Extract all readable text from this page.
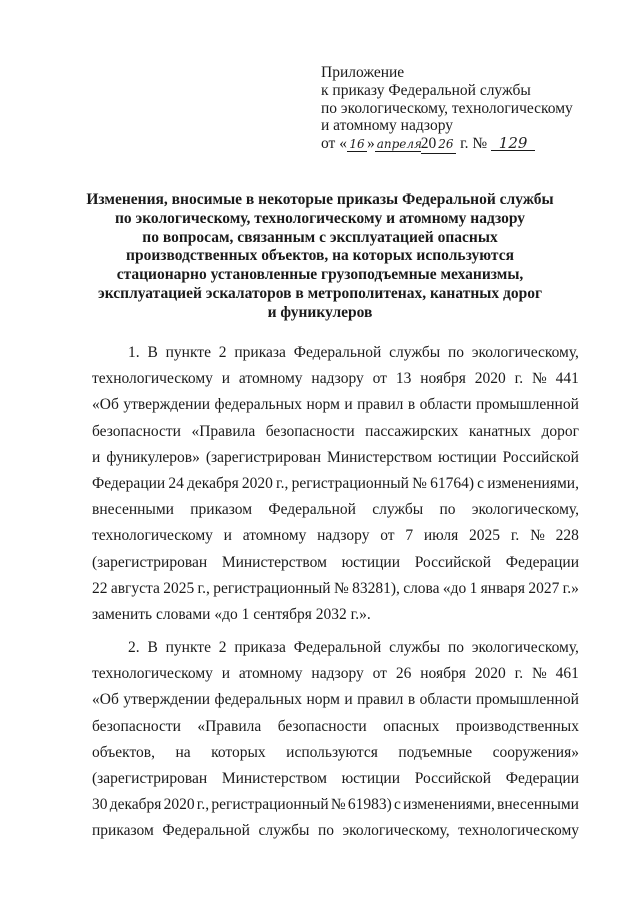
Приложение
к приказу Федеральной службы
по экологическому, технологическому
и атомному надзору
от « 16 » апреля20 26 г. № 129
Изменения, вносимые в некоторые приказы Федеральной службы
по экологическому, технологическому и атомному надзору
по вопросам, связанным с эксплуатацией опасных
производственных объектов, на которых используются
стационарно установленные грузоподъемные механизмы,
эксплуатацией эскалаторов в метрополитенах, канатных дорог
и фуникулеров
1. В пункте 2 приказа Федеральной службы по экологическому,
технологическому и атомному надзору от 13 ноября 2020 г. № 441
«Об утверждении федеральных норм и правил в области промышленной
безопасности «Правила безопасности пассажирских канатных дорог
и фуникулеров» (зарегистрирован Министерством юстиции Российской
Федерации 24 декабря 2020 г., регистрационный № 61764) с изменениями,
внесенными приказом Федеральной службы по экологическому,
технологическому и атомному надзору от 7 июля 2025 г. № 228
(зарегистрирован Министерством юстиции Российской Федерации
22 августа 2025 г., регистрационный № 83281), слова «до 1 января 2027 г.»
заменить словами «до 1 сентября 2032 г.».
2. В пункте 2 приказа Федеральной службы по экологическому,
технологическому и атомному надзору от 26 ноября 2020 г. № 461
«Об утверждении федеральных норм и правил в области промышленной
безопасности «Правила безопасности опасных производственных
объектов, на которых используются подъемные сооружения»
(зарегистрирован Министерством юстиции Российской Федерации
30 декабря 2020 г., регистрационный № 61983) с изменениями, внесенными
приказом Федеральной службы по экологическому, технологическому
